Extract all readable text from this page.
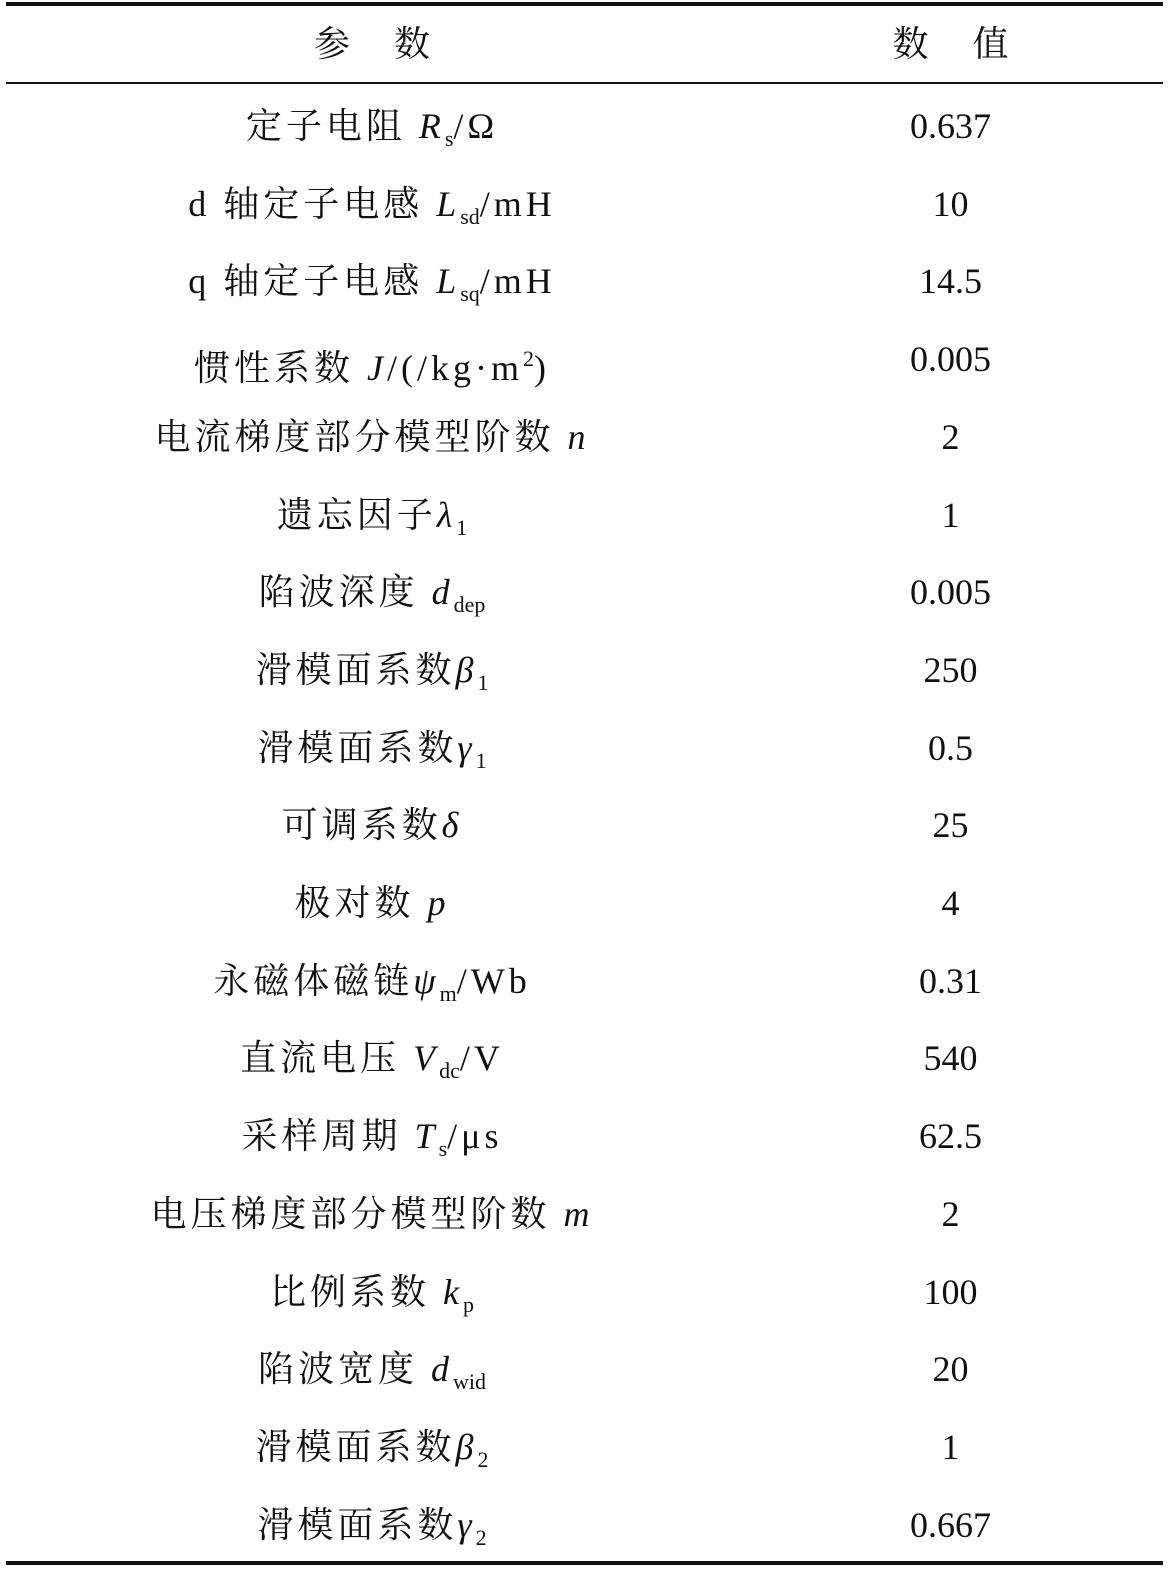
参 数	数 值
定子电阻 $R_s/\Omega$	0.637
d 轴定子电感 $L_{sd}/mH$	10
q 轴定子电感 $L_{sq}/mH$	14.5
惯性系数 $J/(/kg\cdot m^2)$	0.005
电流梯度部分模型阶数 n	2
遗忘因子$\lambda_1$	1
陷波深度 $d_{dep}$	0.005
滑模面系数$\beta_1$	250
滑模面系数$\gamma_1$	0.5
可调系数δ	25
极对数 p	4
永磁体磁链$\psi_m/Wb$	0.31
直流电压 $V_{dc}/V$	540
采样周期 $T_s/\mu s$	62.5
电压梯度部分模型阶数 m	2
比例系数 $k_p$	100
陷波宽度 $d_{wid}$	20
滑模面系数$\beta_2$	1
滑模面系数$\gamma_2$	0.667
